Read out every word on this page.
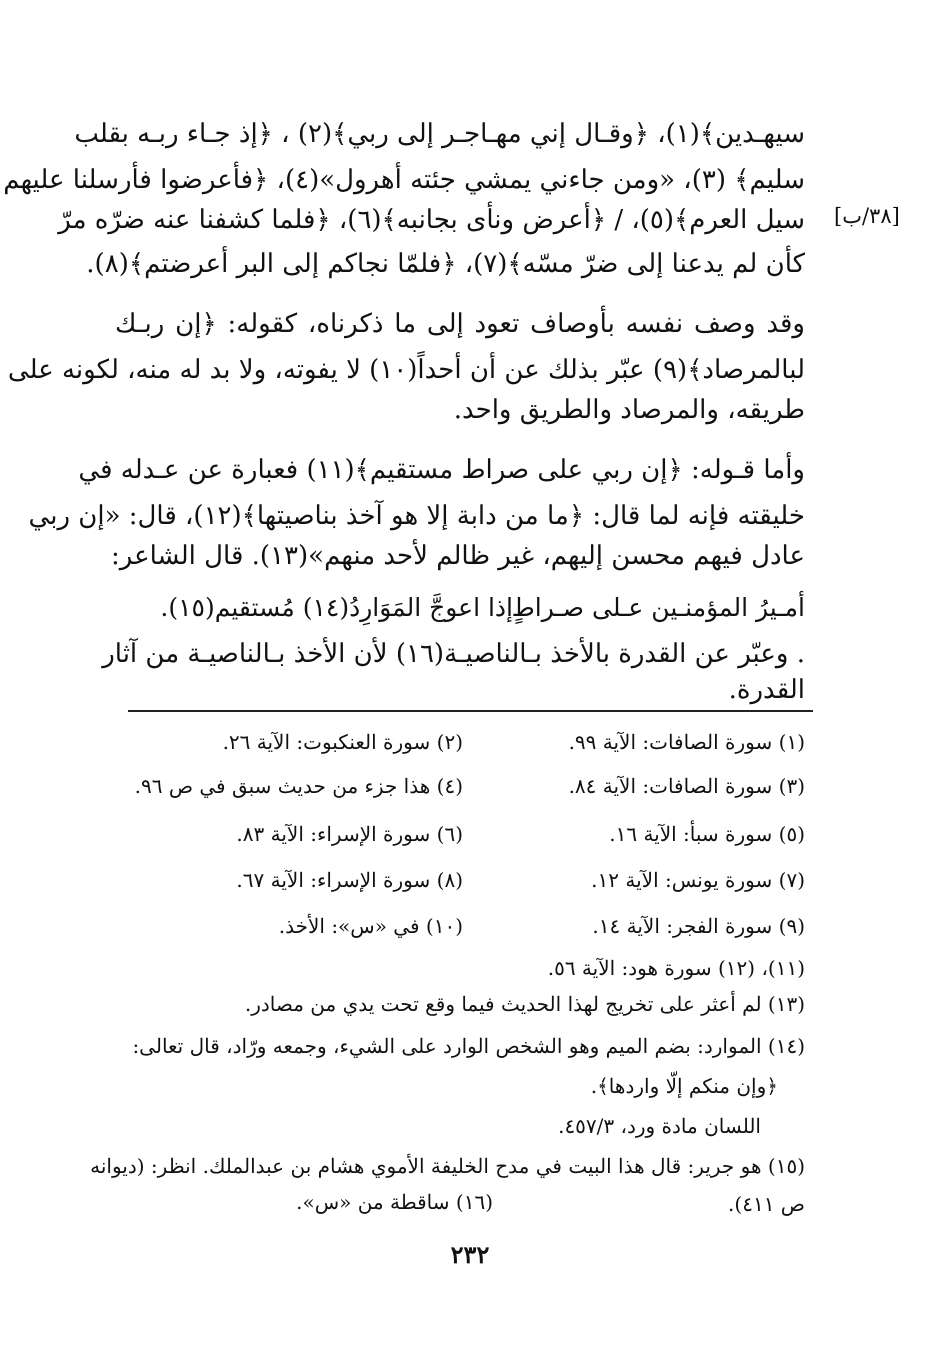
[٣٨/ب]
سيهـدين﴾(١)، ﴿وقـال إني مهـاجـر إلى ربي﴾(٢) ، ﴿إذ جـاء ربـه بقلب
سليم﴾ (٣)، «ومن جاءني يمشي جئته أهرول»(٤)، ﴿فأعرضوا فأرسلنا عليهم
سيل العرم﴾(٥)، / ﴿أعرض ونأى بجانبه﴾(٦)، ﴿فلما كشفنا عنه ضرّه مرّ
كأن لم يدعنا إلى ضرّ مسّه﴾(٧)، ﴿فلمّا نجاكم إلى البر أعرضتم﴾(٨).
وقد وصف نفسه بأوصاف تعود إلى ما ذكرناه، كقوله: ﴿إن ربـك
لبالمرصاد﴾(٩) عبّر بذلك عن أن أحداً(١٠) لا يفوته، ولا بد له منه، لكونه على
طريقه، والمرصاد والطريق واحد.
وأما قـوله: ﴿إن ربي على صراط مستقيم﴾(١١) فعبارة عن عـدله في
خليقته فإنه لما قال: ﴿ما من دابة إلا هو آخذ بناصيتها﴾(١٢)، قال: «إن ربي
عادل فيهم محسن إليهم، غير ظالم لأحد منهم»(١٣). قال الشاعر:
أمـيرُ المؤمنـين عـلى صـراطٍ
إذا اعوجَّ المَوَارِدُ(١٤) مُستقيم(١٥).
. وعبّر عن القدرة بالأخذ بـالناصيـة(١٦) لأن الأخذ بـالناصيـة من آثار
القدرة.
(١) سورة الصافات: الآية ٩٩.
(٢) سورة العنكبوت: الآية ٢٦.
(٣) سورة الصافات: الآية ٨٤.
(٤) هذا جزء من حديث سبق في ص ٩٦.
(٥) سورة سبأ: الآية ١٦.
(٦) سورة الإسراء: الآية ٨٣.
(٧) سورة يونس: الآية ١٢.
(٨) سورة الإسراء: الآية ٦٧.
(٩) سورة الفجر: الآية ١٤.
(١٠) في «س»: الأخذ.
(١١)، (١٢) سورة هود: الآية ٥٦.
(١٣) لم أعثر على تخريج لهذا الحديث فيما وقع تحت يدي من مصادر.
(١٤) الموارد: بضم الميم وهو الشخص الوارد على الشيء، وجمعه ورّاد، قال تعالى:
﴿وإن منكم إلّا واردها﴾.
اللسان مادة ورد، ٤٥٧/٣.
(١٥) هو جرير: قال هذا البيت في مدح الخليفة الأموي هشام بن عبدالملك. انظر: (ديوانه
ص ٤١١).
(١٦) ساقطة من «س».
٢٣٢
